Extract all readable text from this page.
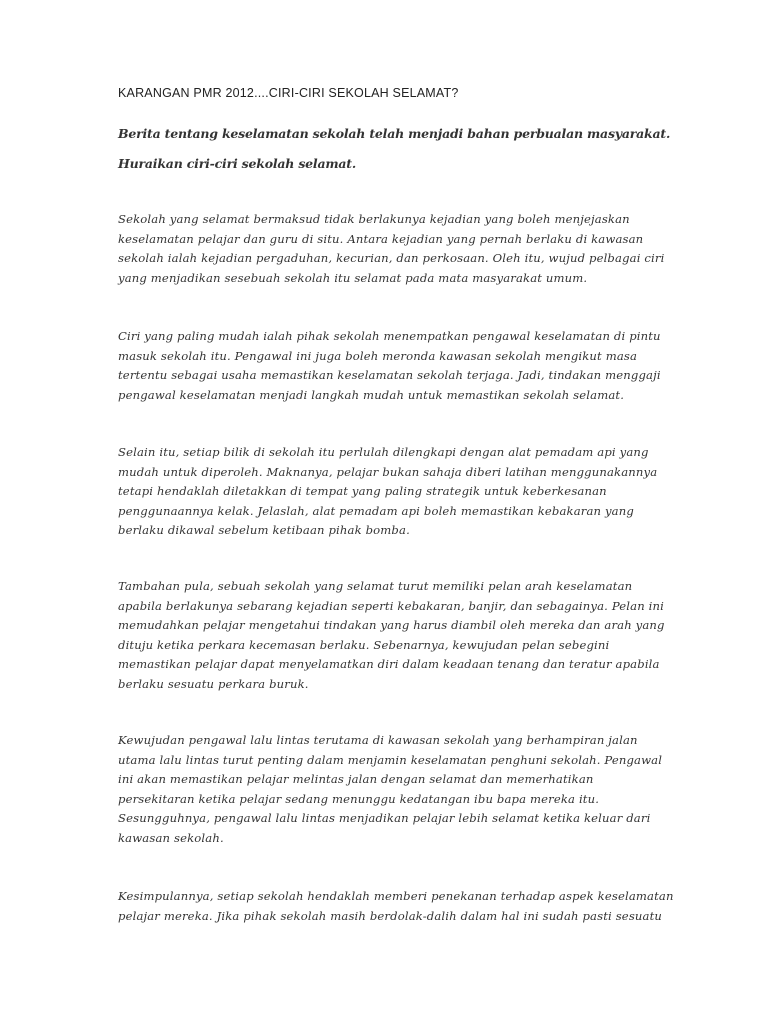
KARANGAN PMR 2012....CIRI-CIRI SEKOLAH SELAMAT?
Berita tentang keselamatan sekolah telah menjadi bahan perbualan masyarakat.
Huraikan ciri-ciri sekolah selamat.
Sekolah yang selamat bermaksud tidak berlakunya kejadian yang boleh menjejaskan
keselamatan pelajar dan guru di situ. Antara kejadian yang pernah berlaku di kawasan
sekolah ialah kejadian pergaduhan, kecurian, dan perkosaan. Oleh itu, wujud pelbagai ciri
yang menjadikan sesebuah sekolah itu selamat pada mata masyarakat umum.
Ciri yang paling mudah ialah pihak sekolah menempatkan pengawal keselamatan di pintu
masuk sekolah itu. Pengawal ini juga boleh meronda kawasan sekolah mengikut masa
tertentu sebagai usaha memastikan keselamatan sekolah terjaga. Jadi, tindakan menggaji
pengawal keselamatan menjadi langkah mudah untuk memastikan sekolah selamat.
Selain itu, setiap bilik di sekolah itu perlulah dilengkapi dengan alat pemadam api yang
mudah untuk diperoleh. Maknanya, pelajar bukan sahaja diberi latihan menggunakannya
tetapi hendaklah diletakkan di tempat yang paling strategik untuk keberkesanan
penggunaannya kelak. Jelaslah, alat pemadam api boleh memastikan kebakaran yang
berlaku dikawal sebelum ketibaan pihak bomba.
Tambahan pula, sebuah sekolah yang selamat turut memiliki pelan arah keselamatan
apabila berlakunya sebarang kejadian seperti kebakaran, banjir, dan sebagainya. Pelan ini
memudahkan pelajar mengetahui tindakan yang harus diambil oleh mereka dan arah yang
dituju ketika perkara kecemasan berlaku. Sebenarnya, kewujudan pelan sebegini
memastikan pelajar dapat menyelamatkan diri dalam keadaan tenang dan teratur apabila
berlaku sesuatu perkara buruk.
Kewujudan pengawal lalu lintas terutama di kawasan sekolah yang berhampiran jalan
utama lalu lintas turut penting dalam menjamin keselamatan penghuni sekolah. Pengawal
ini akan memastikan pelajar melintas jalan dengan selamat dan memerhatikan
persekitaran ketika pelajar sedang menunggu kedatangan ibu bapa mereka itu.
Sesungguhnya, pengawal lalu lintas menjadikan pelajar lebih selamat ketika keluar dari
kawasan sekolah.
Kesimpulannya, setiap sekolah hendaklah memberi penekanan terhadap aspek keselamatan
pelajar mereka. Jika pihak sekolah masih berdolak-dalih dalam hal ini sudah pasti sesuatu
